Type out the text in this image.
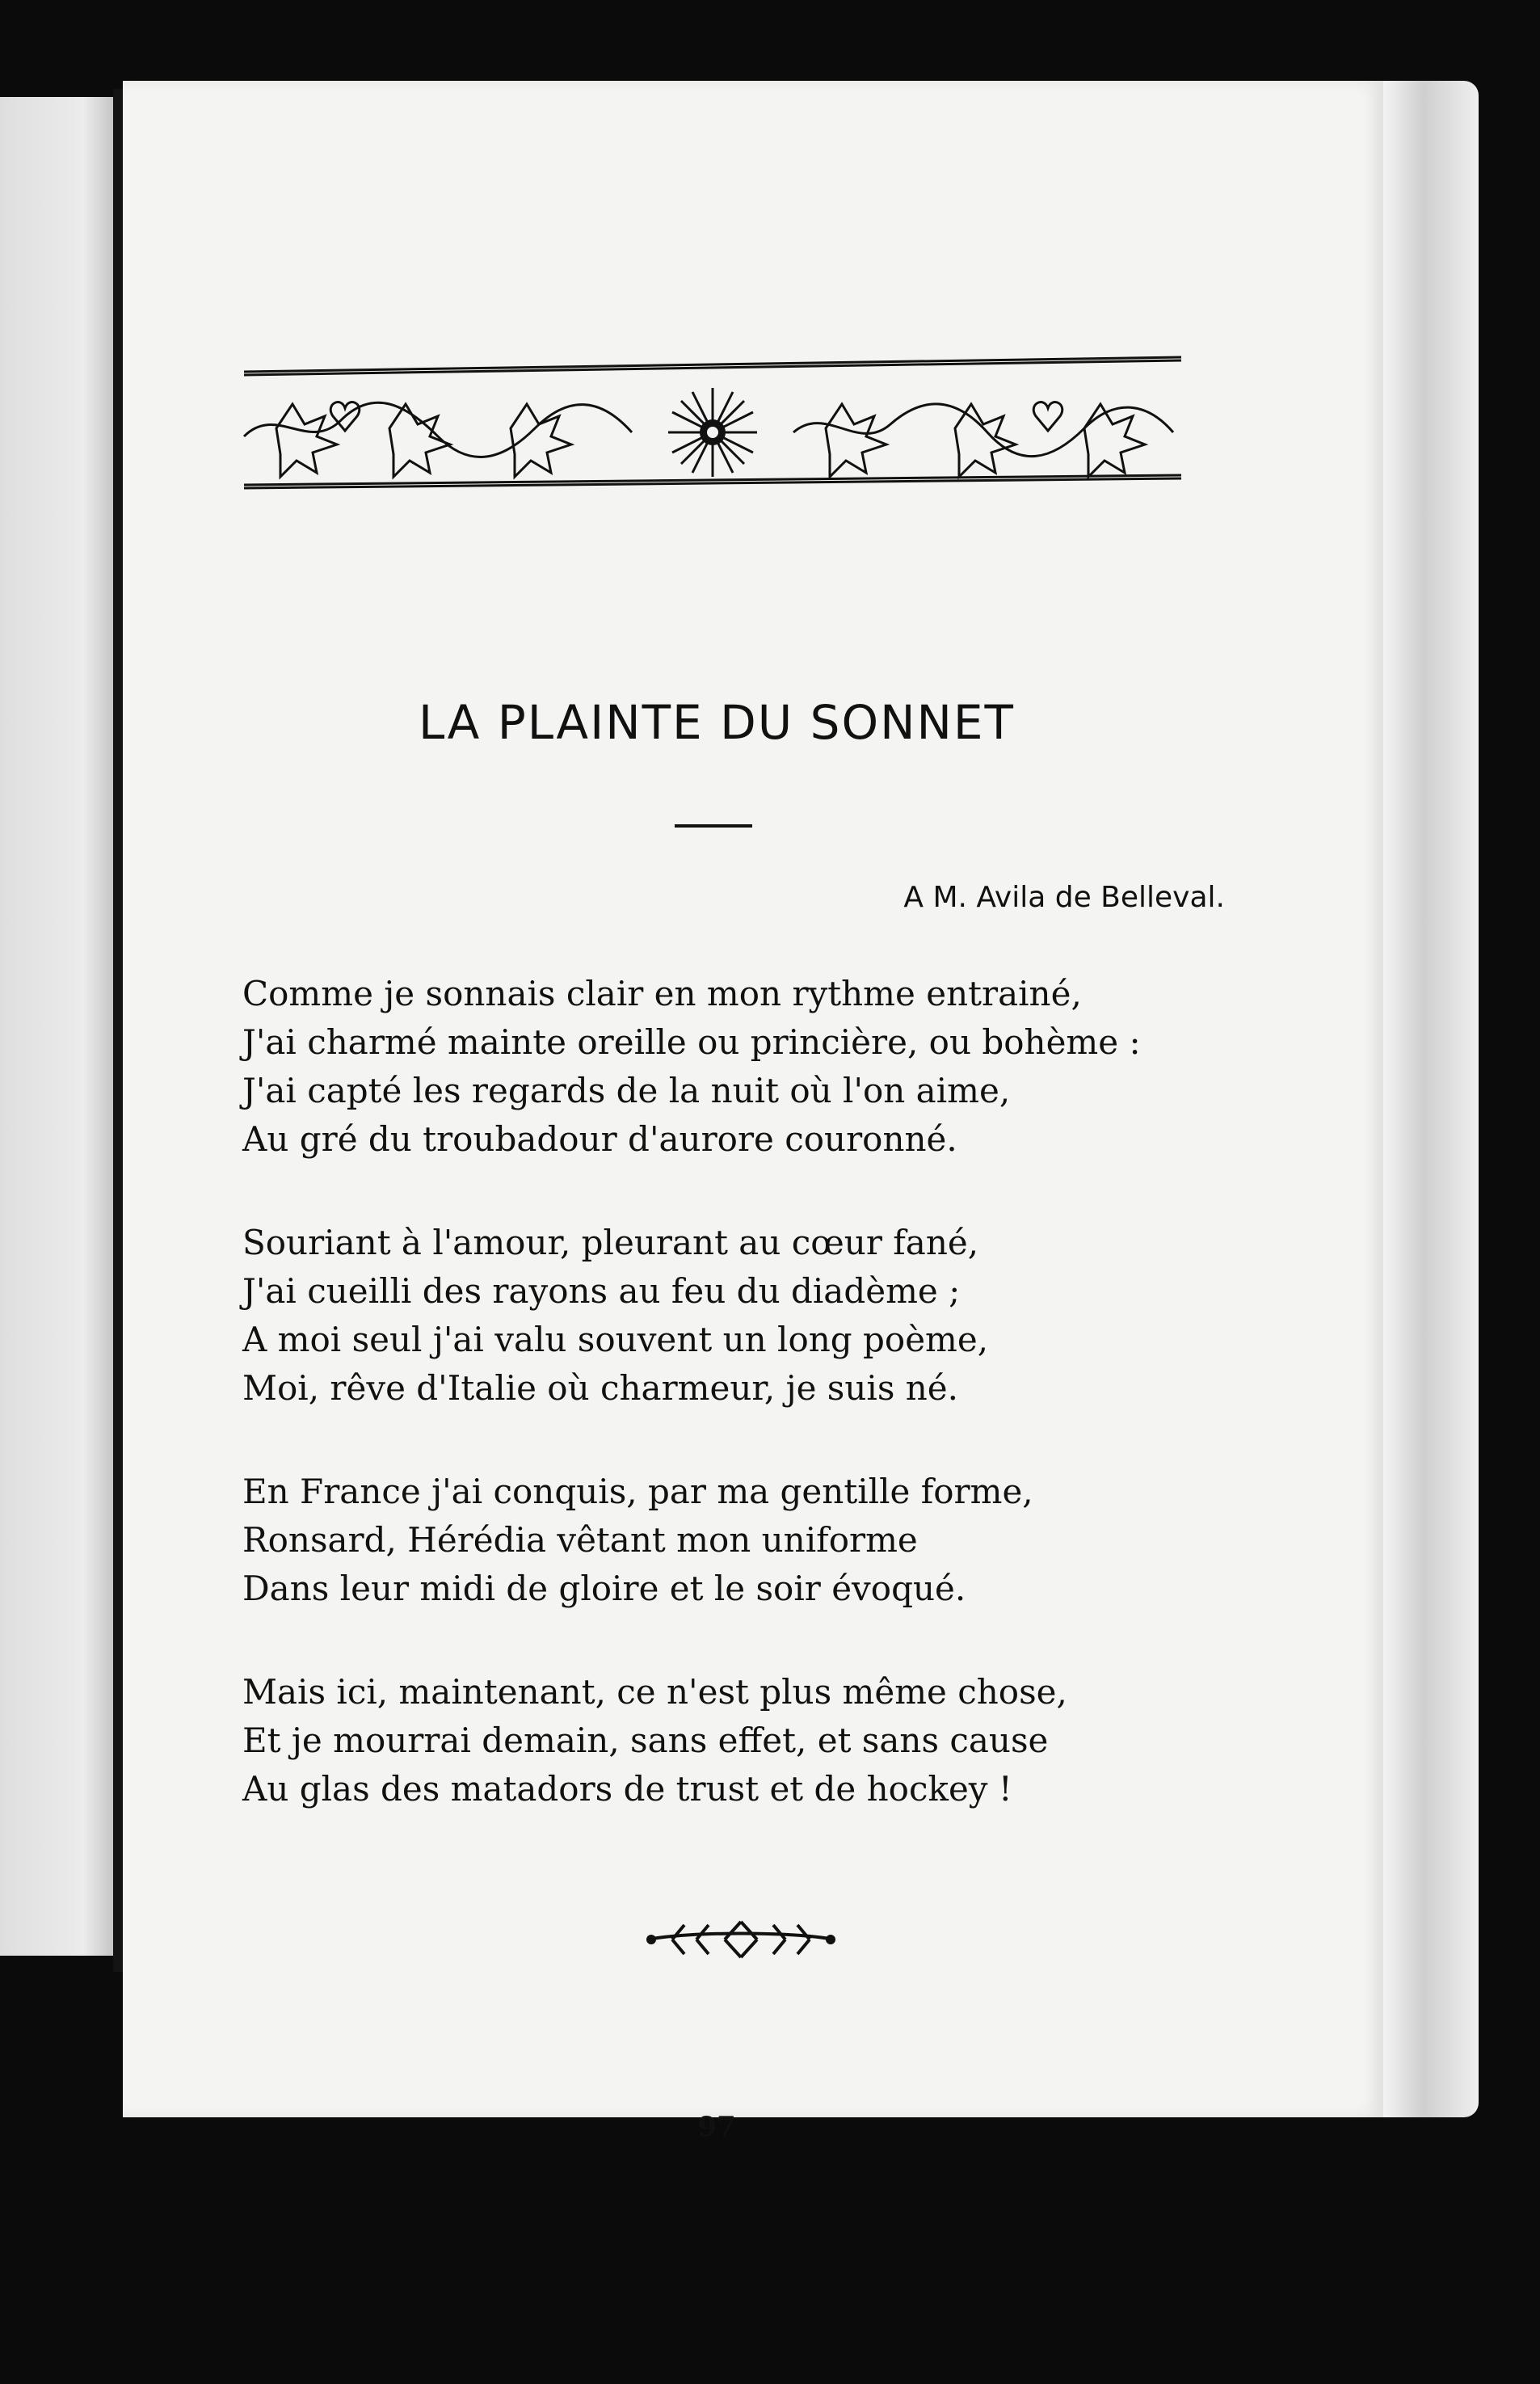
LA PLAINTE DU SONNET
A M. Avila de Belleval.
Comme je sonnais clair en mon rythme entrainé,
J'ai charmé mainte oreille ou princière, ou bohème :
J'ai capté les regards de la nuit où l'on aime,
Au gré du troubadour d'aurore couronné.
Souriant à l'amour, pleurant au cœur fané,
J'ai cueilli des rayons au feu du diadème ;
A moi seul j'ai valu souvent un long poème,
Moi, rêve d'Italie où charmeur, je suis né.
En France j'ai conquis, par ma gentille forme,
Ronsard, Hérédia vêtant mon uniforme
Dans leur midi de gloire et le soir évoqué.
Mais ici, maintenant, ce n'est plus même chose,
Et je mourrai demain, sans effet, et sans cause
Au glas des matadors de trust et de hockey !
97
